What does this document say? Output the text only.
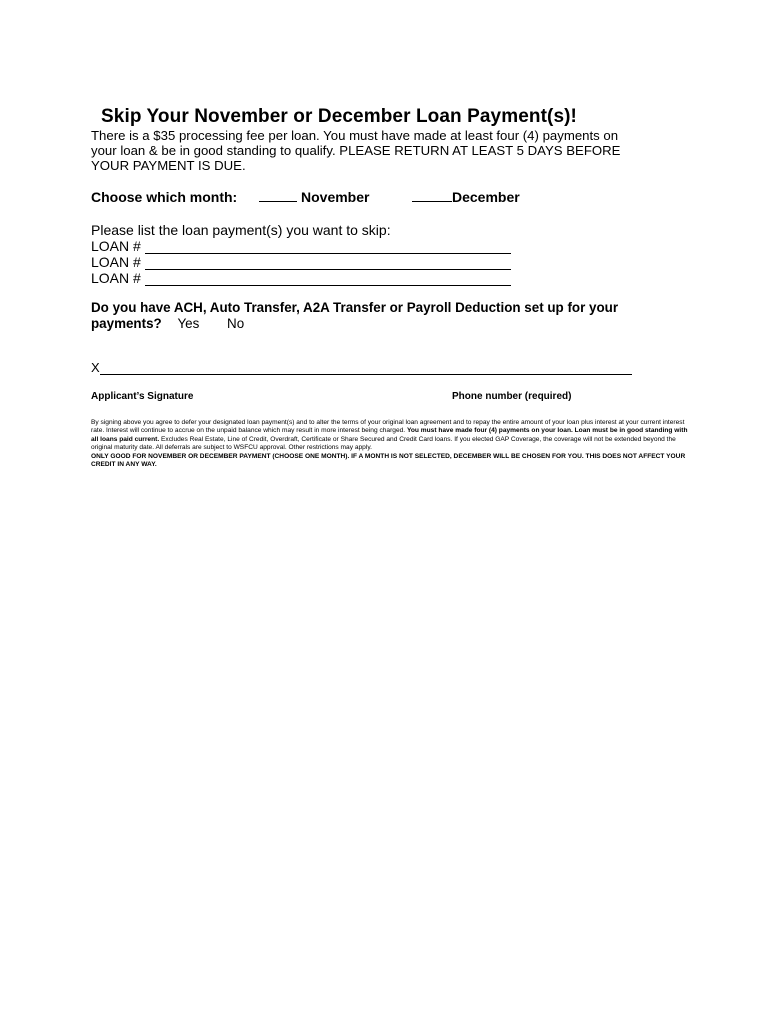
Skip Your November or December Loan Payment(s)!
There is a $35 processing fee per loan. You must have made at least four (4) payments on
your loan & be in good standing to qualify. PLEASE RETURN AT LEAST 5 DAYS BEFORE
YOUR PAYMENT IS DUE.
Choose which month:	November	December
Please list the loan payment(s) you want to skip:
LOAN #
LOAN #
LOAN #
Do you have ACH, Auto Transfer, A2A Transfer or Payroll Deduction set up for your
payments? Yes No
X
Applicant’s Signature	Phone number (required)
By signing above you agree to defer your designated loan payment(s) and to alter the terms of your original loan agreement and to repay the entire amount of your loan plus interest at your current interest rate. Interest will continue to accrue on the unpaid balance which may result in more interest being charged. You must have made four (4) payments on your loan. Loan must be in good standing with all loans paid current. Excludes Real Estate, Line of Credit, Overdraft, Certificate or Share Secured and Credit Card loans. If you elected GAP Coverage, the coverage will not be extended beyond the original maturity date. All deferrals are subject to WSFCU approval. Other restrictions may apply.
ONLY GOOD FOR NOVEMBER OR DECEMBER PAYMENT (CHOOSE ONE MONTH). IF A MONTH IS NOT SELECTED, DECEMBER WILL BE CHOSEN FOR YOU. THIS DOES NOT AFFECT YOUR CREDIT IN ANY WAY.
